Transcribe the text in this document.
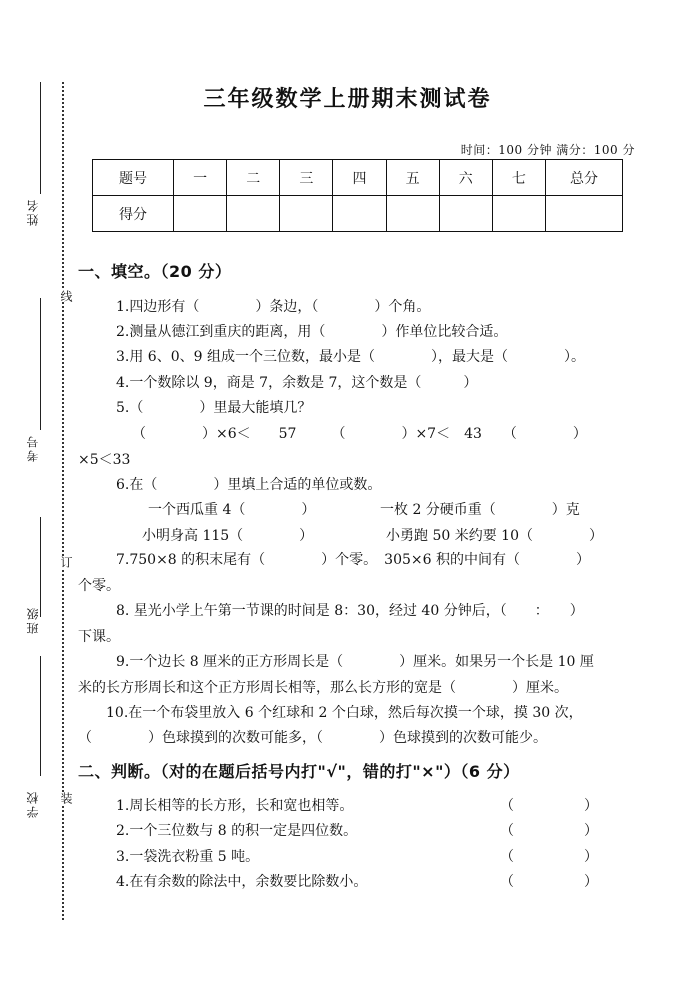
姓名
考号
班级
学校
线
订
装
三年级数学上册期末测试卷
时间：100 分钟 满分：100 分
题号	一	二	三	四	五	六	七	总分
得分								
一、填空。（20 分）
1.四边形有（　　　　）条边，（　　　　）个角。
2.测量从德江到重庆的距离，用（　　　　）作单位比较合适。
3.用 6、0、9 组成一个三位数，最小是（　　　　），最大是（　　　　）。
4.一个数除以 9，商是 7，余数是 7，这个数是（　　　）
5.（　　　　）里最大能填几？
（　　　　）×6＜　　57　　　（　　　　）×7＜　43　　（　　　　）
×5＜33
6.在（　　　　）里填上合适的单位或数。
一个西瓜重 4（　　　　）	一枚 2 分硬币重（　　　　）克
小明身高 115（　　　　）	小勇跑 50 米约要 10（　　　　）
7.750×8 的积末尾有（　　　　）个零。　305×6 积的中间有（　　　　）
个零。
8. 星光小学上午第一节课的时间是 8：30，经过 40 分钟后，（　　：　　）
下课。
9.一个边长 8 厘米的正方形周长是（　　　　）厘米。如果另一个长是 10 厘
米的长方形周长和这个正方形周长相等，那么长方形的宽是（　　　　）厘米。
10.在一个布袋里放入 6 个红球和 2 个白球，然后每次摸一个球，摸 30 次，
（　　　　）色球摸到的次数可能多，（　　　　）色球摸到的次数可能少。
二、判断。（对的在题后括号内打"√"，错的打"×"）（6 分）
1.周长相等的长方形，长和宽也相等。	（　　　　　）
2.一个三位数与 8 的积一定是四位数。	（　　　　　）
3.一袋洗衣粉重 5 吨。	（　　　　　）
4.在有余数的除法中，余数要比除数小。	（　　　　　）
